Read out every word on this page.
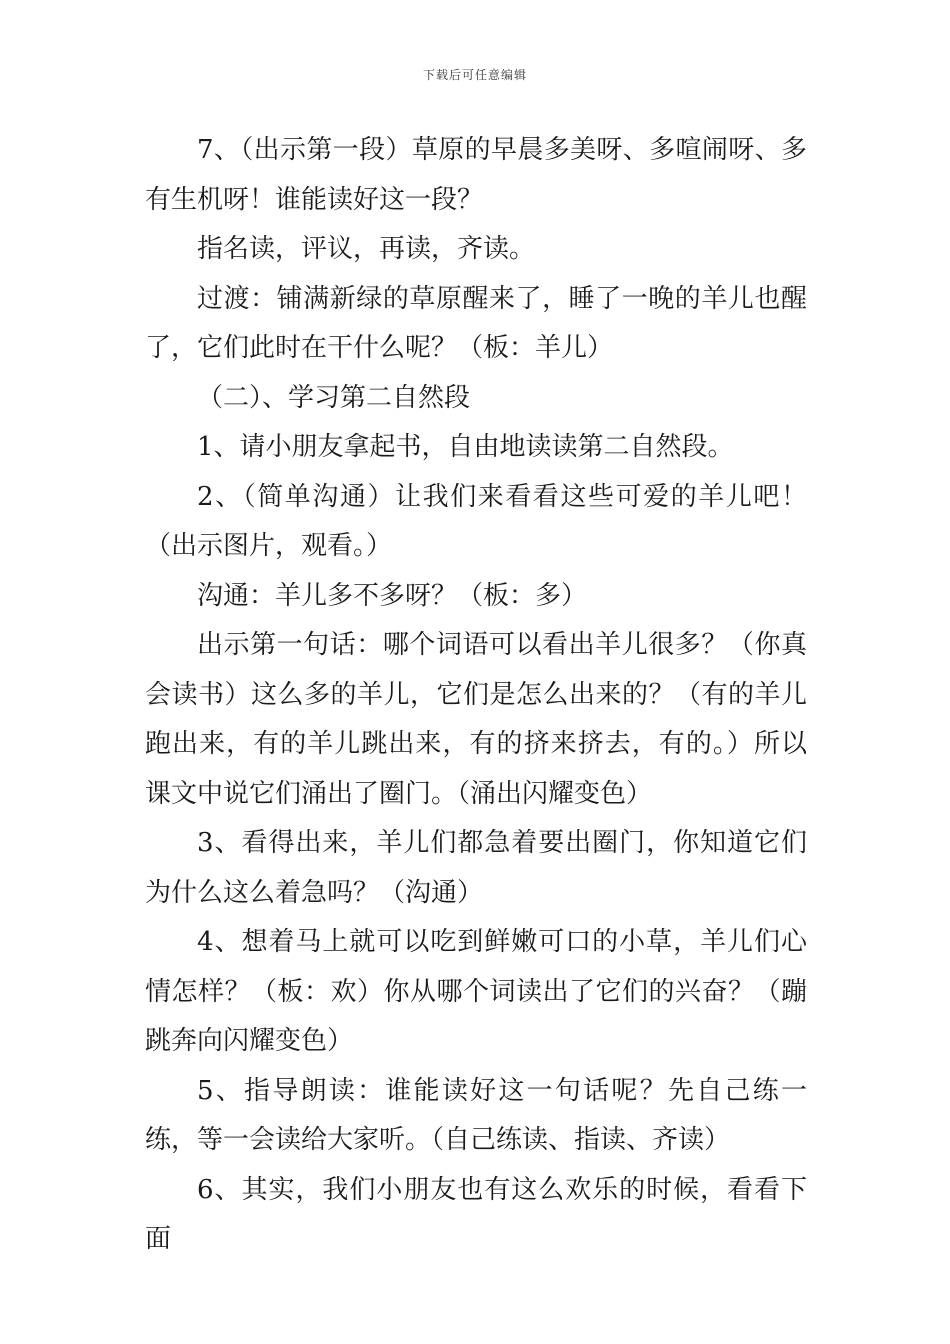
下载后可任意编辑

7、（出示第一段）草原的早晨多美呀、多喧闹呀、多有生机呀！谁能读好这一段？

指名读，评议，再读，齐读。

过渡：铺满新绿的草原醒来了，睡了一晚的羊儿也醒了，它们此时在干什么呢？（板：羊儿）

（二）、学习第二自然段

1、请小朋友拿起书，自由地读读第二自然段。

2、（简单沟通）让我们来看看这些可爱的羊儿吧！（出示图片，观看。）

沟通：羊儿多不多呀？（板：多）

出示第一句话：哪个词语可以看出羊儿很多？（你真会读书）这么多的羊儿，它们是怎么出来的？（有的羊儿跑出来，有的羊儿跳出来，有的挤来挤去，有的。）所以课文中说它们涌出了圈门。（涌出闪耀变色）

3、看得出来，羊儿们都急着要出圈门，你知道它们为什么这么着急吗？（沟通）

4、想着马上就可以吃到鲜嫩可口的小草，羊儿们心情怎样？（板：欢）你从哪个词读出了它们的兴奋？（蹦跳奔向闪耀变色）

5、指导朗读：谁能读好这一句话呢？先自己练一练，等一会读给大家听。（自己练读、指读、齐读）

6、其实，我们小朋友也有这么欢乐的时候，看看下面
